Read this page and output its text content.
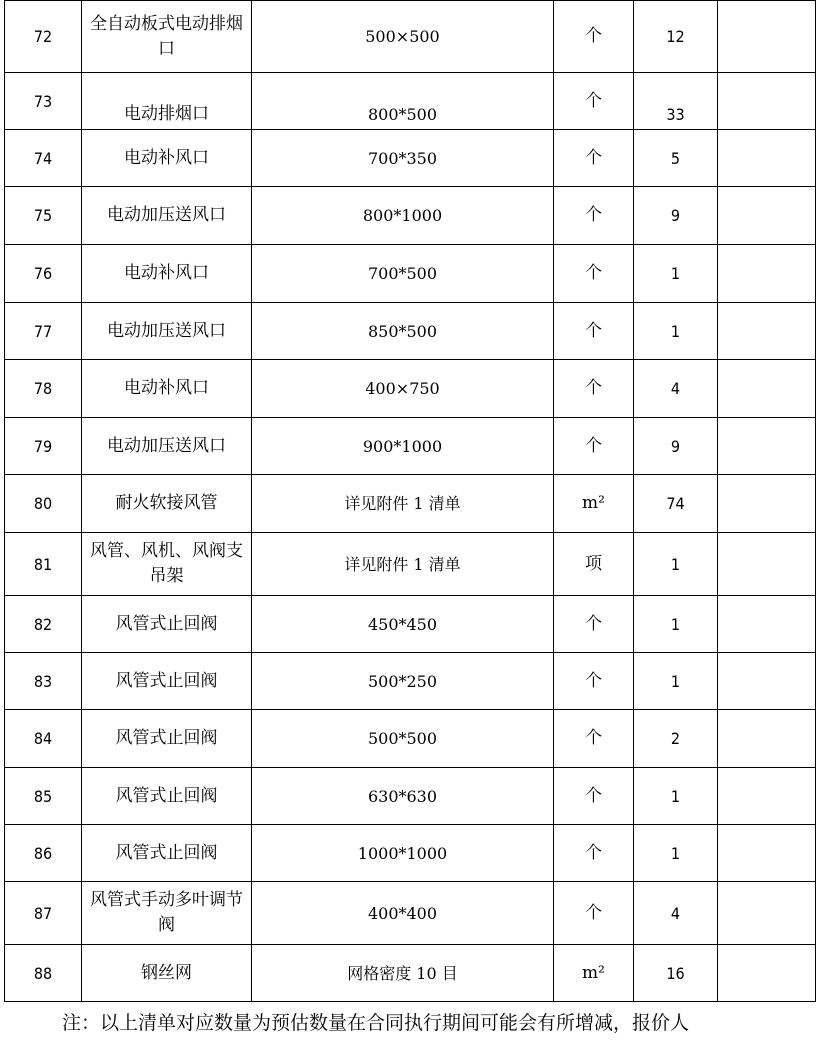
72	全自动板式电动排烟口	500×500	个	12	
73	电动排烟口	800*500	个	33	
74	电动补风口	700*350	个	5	
75	电动加压送风口	800*1000	个	9	
76	电动补风口	700*500	个	1	
77	电动加压送风口	850*500	个	1	
78	电动补风口	400×750	个	4	
79	电动加压送风口	900*1000	个	9	
80	耐火软接风管	详见附件 1 清单	m²	74	
81	风管、风机、风阀支吊架	详见附件 1 清单	项	1	
82	风管式止回阀	450*450	个	1	
83	风管式止回阀	500*250	个	1	
84	风管式止回阀	500*500	个	2	
85	风管式止回阀	630*630	个	1	
86	风管式止回阀	1000*1000	个	1	
87	风管式手动多叶调节阀	400*400	个	4	
88	钢丝网	网格密度 10 目	m²	16	
注：以上清单对应数量为预估数量在合同执行期间可能会有所增减，报价人
